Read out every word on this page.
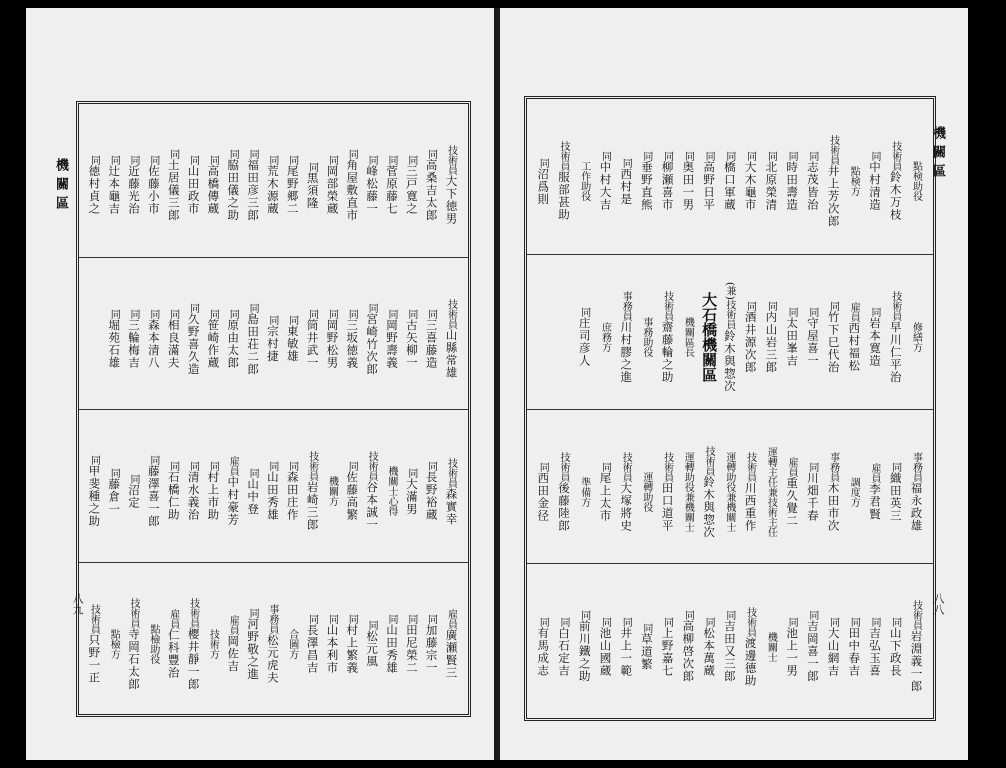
機關區
八九
技術員
大下徳男
同
高桑吉太郎
同
三戸寛之
同
菅原藤七
同
峰松藤一
同
角屋敷直市
同
岡部榮蔵
同
黒須隆
同
尾野郷二
同
荒木源蔵
同
福田彦三郎
同
脇田儀之助
同
高橋傳蔵
同
山田政市
同
土居儀三郎
同
佐藤小市
同
近藤光治
同
辻本龜吉
同
徳村貞之
技術員
山縣常雄
同
三喜藤造
同
古矢柳一
同
岡野壽義
同
宮崎竹次郎
同
三坂徳義
同
岡野松男
同
筒井武一
同
東敏雄
同
宗村捷
同
島田荘二郎
同
原由太郎
同
笹崎作蔵
同
久野喜久造
同
相良滿夫
同
森本清八
同
三輪梅吉
同
堀苑石雄
技術員
森實幸
同
長野裕蔵
同
大滿男
機關士心得
技術員
谷本誠一
同
佐藤高繁
機關方
技術員
岩崎三郎
同
森田庄作
同
山田秀雄
同
山中登
雇員
中村豪芳
同
村上市助
同
清水義治
同
石橋仁助
同
藤澤喜一郎
同
沼定
同
藤倉一
同
甲斐種之助
雇員
廣瀬賢三
同
加藤宗一
同
田尼榮二
同
山田秀雄
同
松元風
同
村上繁義
同
山本利市
同
長澤昌吉
合圖方
事務員
松元虎夫
同
河野敬之進
雇員
岡佐吉
技術方
技術員
櫻井靜一郎
雇員
仁科豐治
點檢助役
技術員
寺岡石太郎
點檢方
技術員
只野一正
機關區
八八
點検助役
技術員
鈴木万枝
同
中村清造
點検方
技術員
井上芳次郎
同
志茂皆治
同
時田壽造
同
北原榮清
同
大木龜市
同
橋口軍蔵
同
高野日平
同
奥田一男
同
柳瀬喜市
同
垂野直熊
同
西村是
同
中村大吉
工作助役
技術員
服部甚助
同
沼爲則
修繕方
技術員
早川仁平治
同
岩本寛造
雇員
西村福松
同
竹下巳代治
同
守屋喜一
同
太田峯吉
同
内山岩三郎
同
酒井源次郎
(兼)技術員
鈴木與惣次
大石橋機關區
機關區長
技術員
齋藤輪之助
事務助役
事務員
川村膠之進
庶務方
同
庄司彦人
事務員
福永政雄
同
織田英三
雇員
李君賢
調度方
事務員
木田市次
同
川畑千春
雇員
重久覺二
運轉主任兼技術主任
技術員
川西重作
運轉助役兼機關士
技術員
鈴木與惣次
運轉助役兼機關士
技術員
田口道平
運轉助役
技術員
大塚將史
同
尾上太市
準備方
技術員
後藤陸郎
同
西田金径
技術員
岩淵義一郎
同
山下政長
同
吉弘玉喜
同
田中春吉
同
大山網吉
同
吉岡喜一郎
同
池上一男
機關士
技術員
渡邊德助
同
吉田又三郎
同
松本萬蔵
同
高柳啓次郎
同
上野嘉七
同
草道繁
同
井上一範
同
池山國蔵
同
前川鐵之助
同
白石定吉
同
有馬成志
